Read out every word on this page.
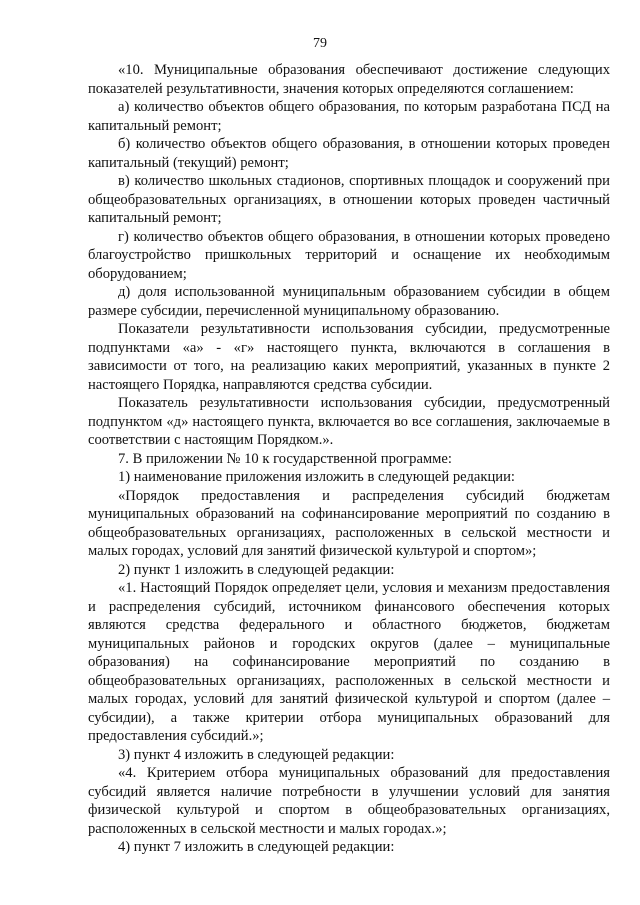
79

«10. Муниципальные образования обеспечивают достижение следующих показателей результативности, значения которых определяются соглашением:

а) количество объектов общего образования, по которым разработана ПСД на капитальный ремонт;

б) количество объектов общего образования, в отношении которых проведен капитальный (текущий) ремонт;

в) количество школьных стадионов, спортивных площадок и сооружений при общеобразовательных организациях, в отношении которых проведен частичный капитальный ремонт;

г) количество объектов общего образования, в отношении которых проведено благоустройство пришкольных территорий и оснащение их необходимым оборудованием;

д) доля использованной муниципальным образованием субсидии в общем размере субсидии, перечисленной муниципальному образованию.

Показатели результативности использования субсидии, предусмотренные подпунктами «а» - «г» настоящего пункта, включаются в соглашения в зависимости от того, на реализацию каких мероприятий, указанных в пункте 2 настоящего Порядка, направляются средства субсидии.

Показатель результативности использования субсидии, предусмотренный подпунктом «д» настоящего пункта, включается во все соглашения, заключаемые в соответствии с настоящим Порядком.».

7. В приложении № 10 к государственной программе:

1) наименование приложения изложить в следующей редакции:

«Порядок предоставления и распределения субсидий бюджетам муниципальных образований на софинансирование мероприятий по созданию в общеобразовательных организациях, расположенных в сельской местности и малых городах, условий для занятий физической культурой и спортом»;

2) пункт 1 изложить в следующей редакции:

«1. Настоящий Порядок определяет цели, условия и механизм предоставления и распределения субсидий, источником финансового обеспечения которых являются средства федерального и областного бюджетов, бюджетам муниципальных районов и городских округов (далее – муниципальные образования) на софинансирование мероприятий по созданию в общеобразовательных организациях, расположенных в сельской местности и малых городах, условий для занятий физической культурой и спортом (далее – субсидии), а также критерии отбора муниципальных образований для предоставления субсидий.»;

3) пункт 4 изложить в следующей редакции:

«4. Критерием отбора муниципальных образований для предоставления субсидий является наличие потребности в улучшении условий для занятия физической культурой и спортом в общеобразовательных организациях, расположенных в сельской местности и малых городах.»;

4) пункт 7 изложить в следующей редакции:
